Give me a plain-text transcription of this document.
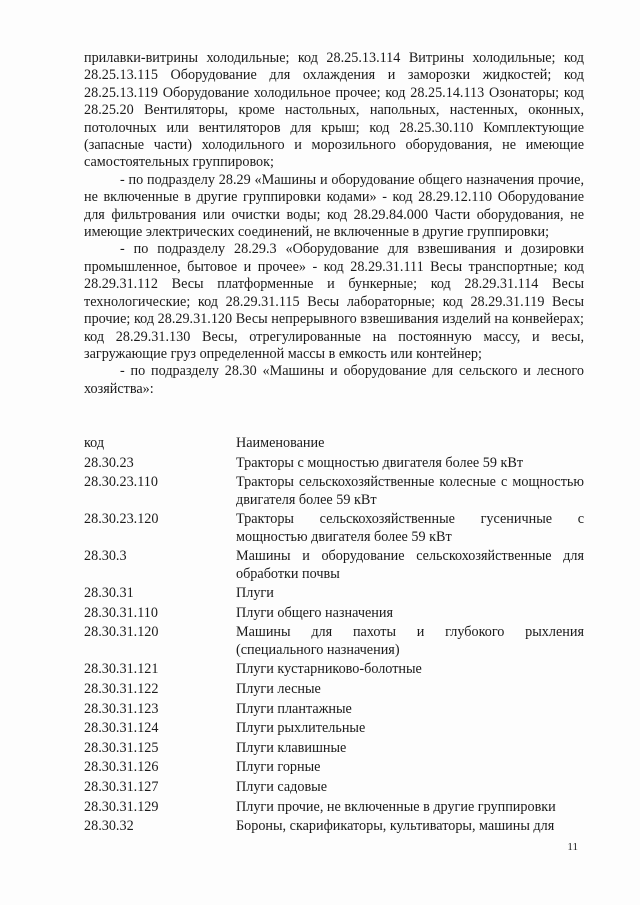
прилавки-витрины холодильные; код 28.25.13.114 Витрины холодильные; код 28.25.13.115 Оборудование для охлаждения и заморозки жидкостей; код 28.25.13.119 Оборудование холодильное прочее; код 28.25.14.113 Озонаторы; код 28.25.20 Вентиляторы, кроме настольных, напольных, настенных, оконных, потолочных или вентиляторов для крыш; код 28.25.30.110 Комплектующие (запасные части) холодильного и морозильного оборудования, не имеющие самостоятельных группировок;

- по подразделу 28.29 «Машины и оборудование общего назначения прочие, не включенные в другие группировки кодами» - код 28.29.12.110 Оборудование для фильтрования или очистки воды; код 28.29.84.000 Части оборудования, не имеющие электрических соединений, не включенные в другие группировки;

- по подразделу 28.29.3 «Оборудование для взвешивания и дозировки промышленное, бытовое и прочее» - код 28.29.31.111 Весы транспортные; код 28.29.31.112 Весы платформенные и бункерные; код 28.29.31.114 Весы технологические; код 28.29.31.115 Весы лабораторные; код 28.29.31.119 Весы прочие; код 28.29.31.120 Весы непрерывного взвешивания изделий на конвейерах; код 28.29.31.130 Весы, отрегулированные на постоянную массу, и весы, загружающие груз определенной массы в емкость или контейнер;

- по подразделу 28.30 «Машины и оборудование для сельского и лесного хозяйства»:

код	Наименование
28.30.23	Тракторы с мощностью двигателя более 59 кВт
28.30.23.110	Тракторы сельскохозяйственные колесные с мощностью двигателя более 59 кВт
28.30.23.120	Тракторы сельскохозяйственные гусеничные с мощностью двигателя более 59 кВт
28.30.3	Машины и оборудование сельскохозяйственные для обработки почвы
28.30.31	Плуги
28.30.31.110	Плуги общего назначения
28.30.31.120	Машины для пахоты и глубокого рыхления (специального назначения)
28.30.31.121	Плуги кустарниково-болотные
28.30.31.122	Плуги лесные
28.30.31.123	Плуги плантажные
28.30.31.124	Плуги рыхлительные
28.30.31.125	Плуги клавишные
28.30.31.126	Плуги горные
28.30.31.127	Плуги садовые
28.30.31.129	Плуги прочие, не включенные в другие группировки
28.30.32	Бороны, скарификаторы, культиваторы, машины для
11
